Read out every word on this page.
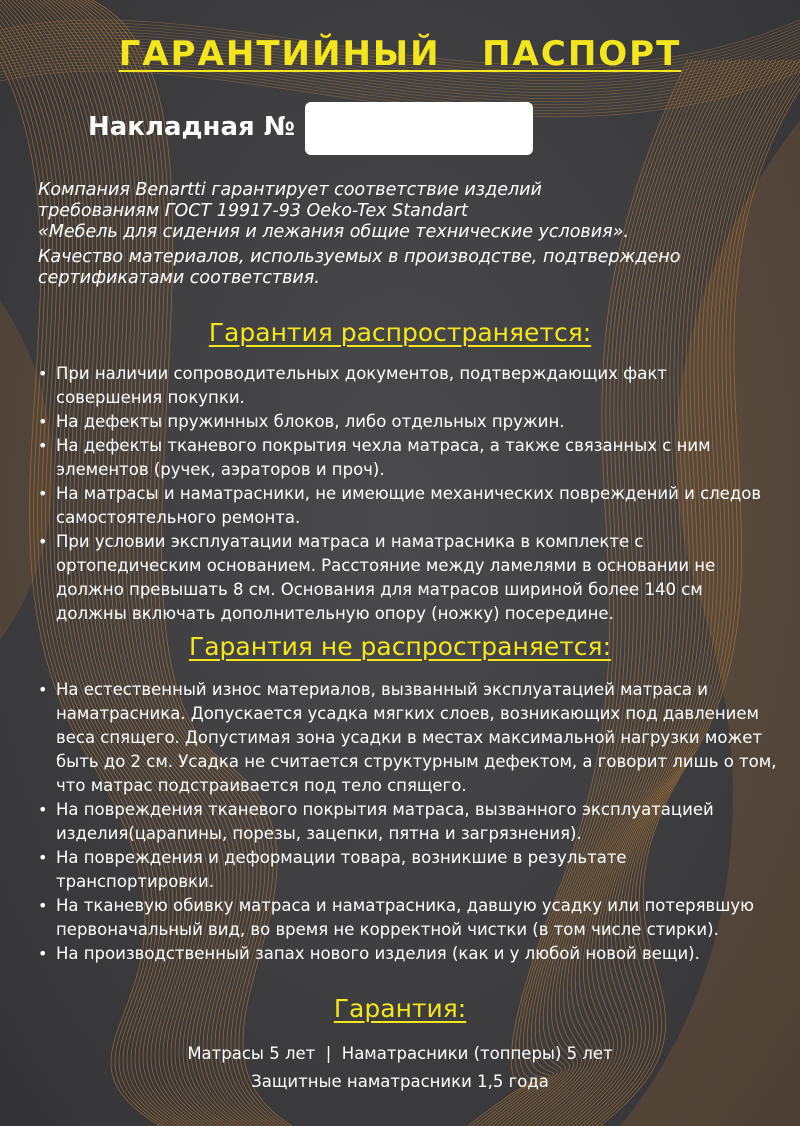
ГАРАНТИЙНЫЙ   ПАСПОРТ
Накладная №

Компания Benartti гарантирует соответствие изделий

требованиям ГОСТ 19917-93 Oeko-Tex Standart

«Мебель для сидения и лежания общие технические условия».

Качество материалов, используемых в производстве, подтверждено сертификатами соответствия.

Гарантия распространяется:
• При наличии сопроводительных документов, подтверждающих факт совершения покупки.
• На дефекты пружинных блоков, либо отдельных пружин.
• На дефекты тканевого покрытия чехла матраса, а также связанных с ним элементов (ручек, аэраторов и проч).
• На матрасы и наматрасники, не имеющие механических повреждений и следов самостоятельного ремонта.
• При условии эксплуатации матраса и наматрасника в комплекте с ортопедическим основанием. Расстояние между ламелями в основании не должно превышать 8 см. Основания для матрасов шириной более 140 см должны включать дополнительную опору (ножку) посередине.
Гарантия не распространяется:
• На естественный износ материалов, вызванный эксплуатацией матраса и наматрасника. Допускается усадка мягких слоев, возникающих под давлением веса спящего. Допустимая зона усадки в местах максимальной нагрузки может быть до 2 см. Усадка не считается структурным дефектом, а говорит лишь о том, что матрас подстраивается под тело спящего.
• На повреждения тканевого покрытия матраса, вызванного эксплуатацией изделия(царапины, порезы, зацепки, пятна и загрязнения).
• На повреждения и деформации товара, возникшие в результате транспортировки.
• На тканевую обивку матраса и наматрасника, давшую усадку или потерявшую первоначальный вид, во время не корректной чистки (в том числе стирки).
• На производственный запах нового изделия (как и у любой новой вещи).
Гарантия:
Матрасы 5 лет  |  Наматрасники (топперы) 5 лет
Защитные наматрасники 1,5 года
